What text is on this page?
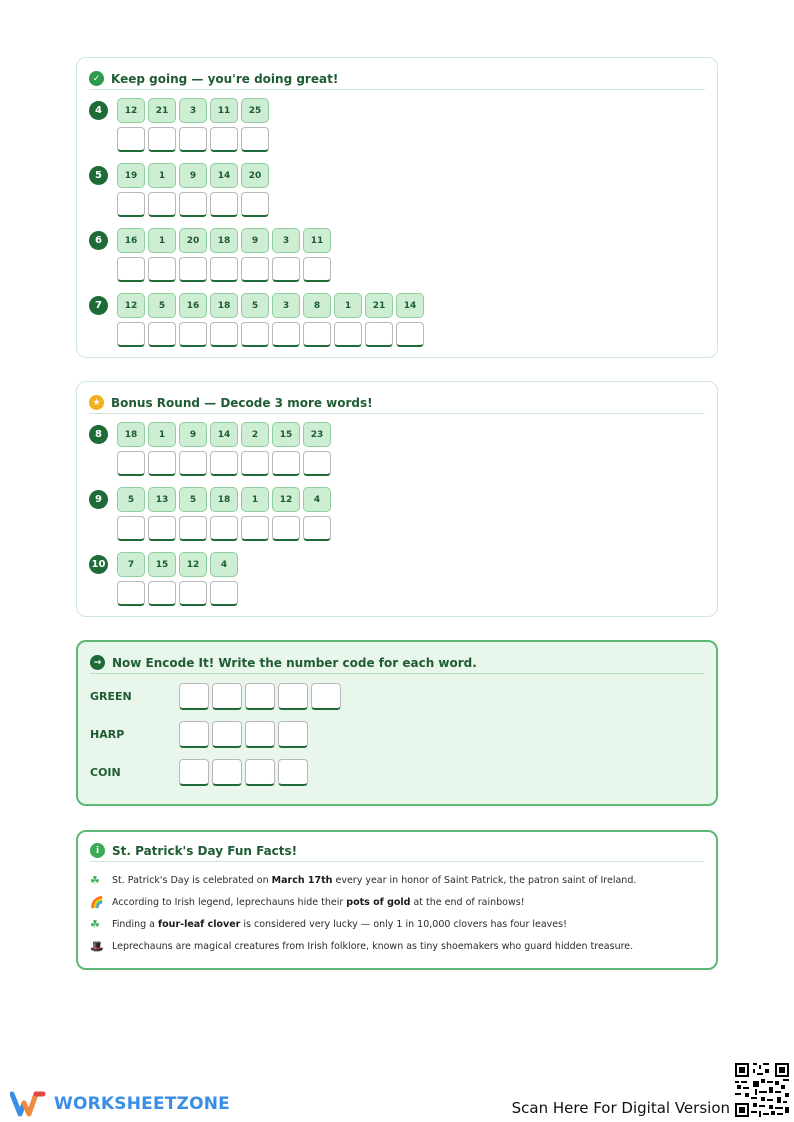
✓ Keep going — you're doing great!
4	12	21	3	11	25
5	19	1	9	14	20
6	16	1	20	18	9	3	11
7	12	5	16	18	5	3	8	1	21	14
★ Bonus Round — Decode 3 more words!
8	18	1	9	14	2	15	23
9	5	13	5	18	1	12	4
10	7	15	12	4
→ Now Encode It! Write the number code for each word.
GREEN
HARP
COIN
i	St. Patrick's Day Fun Facts!
☘	St. Patrick's Day is celebrated on March 17th every year in honor of Saint Patrick, the patron saint of Ireland.
🌈 According to Irish legend, leprechauns hide their pots of gold at the end of rainbows!
☘	Finding a four-leaf clover is considered very lucky — only 1 in 10,000 clovers has four leaves!
🎩 Leprechauns are magical creatures from Irish folklore, known as tiny shoemakers who guard hidden treasure.
WORKSHEETZONE	Scan Here For Digital Version
